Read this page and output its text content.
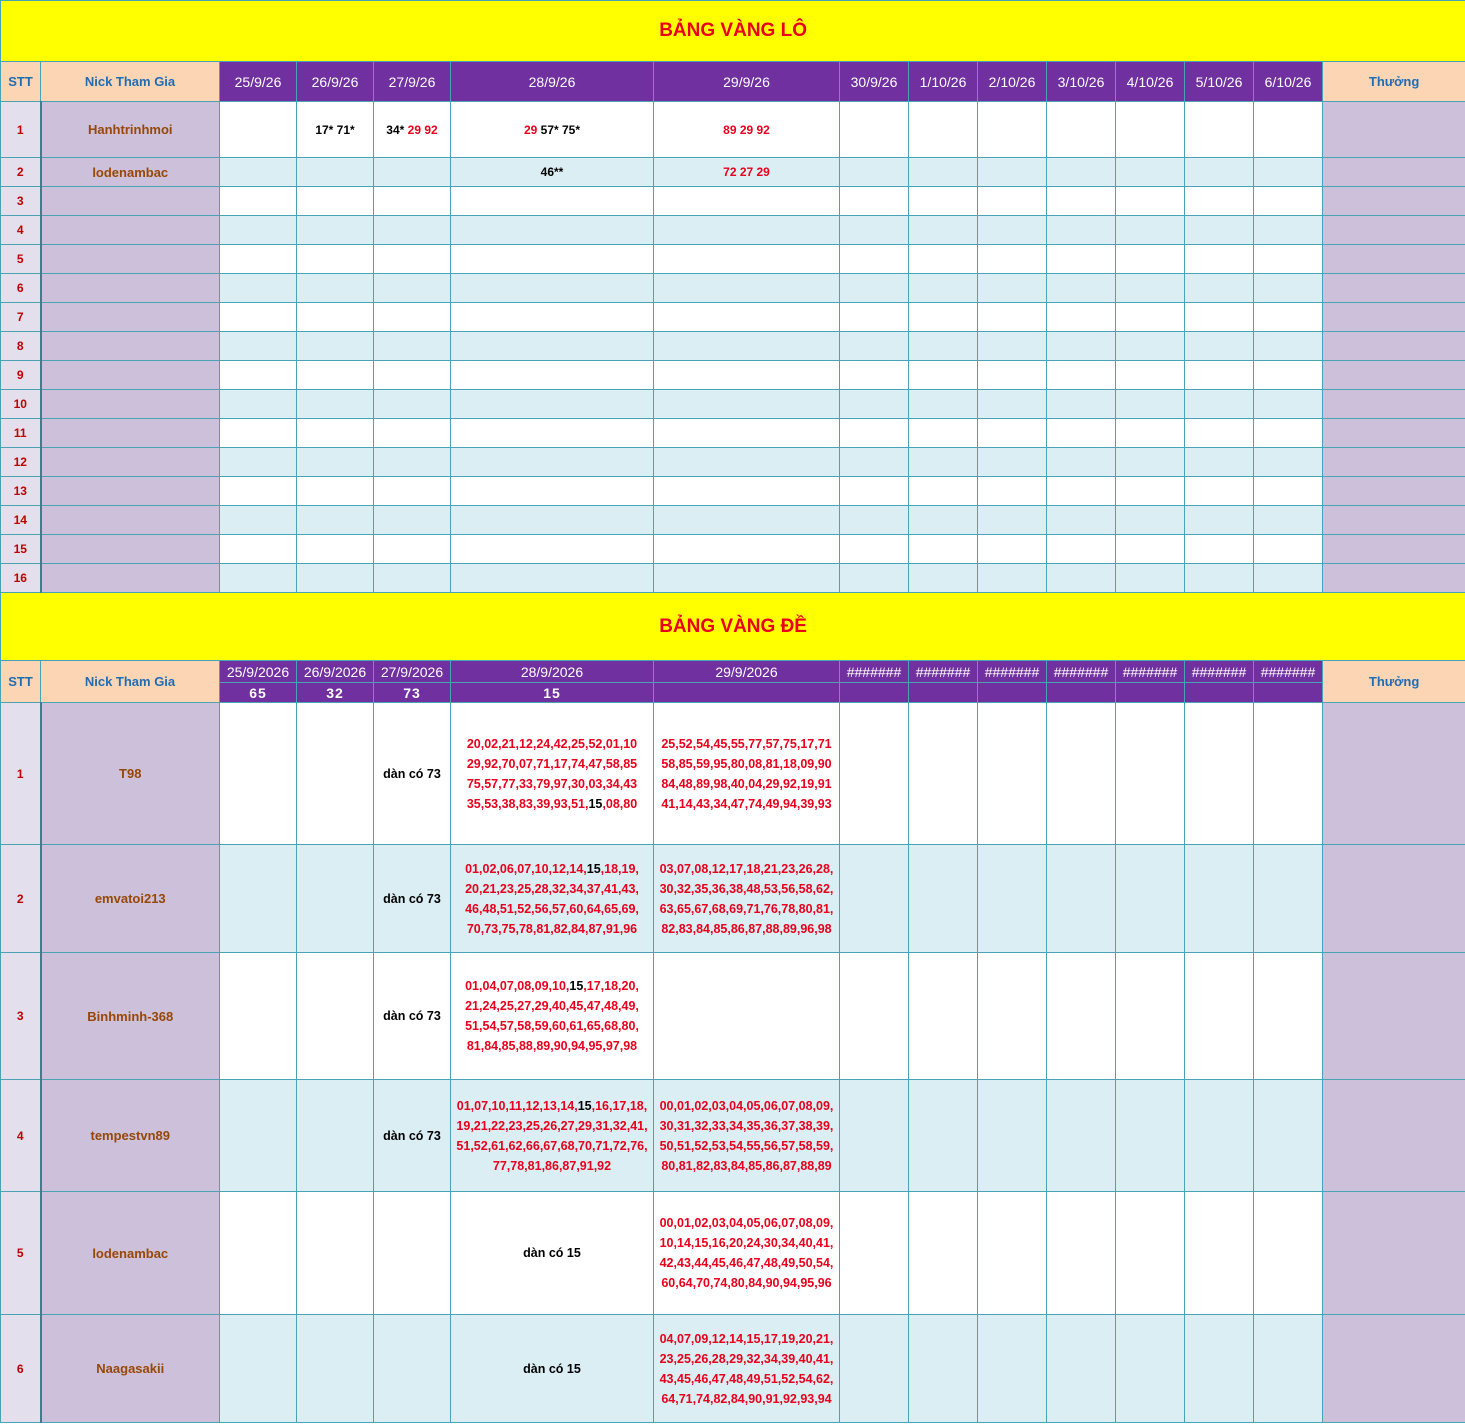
BẢNG VÀNG LÔ														
STT	Nick Tham Gia	25/9/26	26/9/26	27/9/26	28/9/26	29/9/26	30/9/26	1/10/26	2/10/26	3/10/26	4/10/26	5/10/26	6/10/26	Thưởng
1	Hanhtrinhmoi		17* 71*	34* 29 92	29 57* 75*	89 29 92								
2	lodenambac				46**	72 27 29								
3														
4														
5														
6														
7														
8														
9														
10														
11														
12														
13														
14														
15														
16														
BẢNG VÀNG ĐỀ														
STT	Nick Tham Gia	25/9/2026	26/9/2026	27/9/2026	28/9/2026	29/9/2026	#######	#######	#######	#######	#######	#######	#######	Thưởng
		65	32	73	15									
1	T98			dàn có 73	20,02,21,12,24,42,25,52,01,10
29,92,70,07,71,17,74,47,58,85
75,57,77,33,79,97,30,03,34,43
35,53,38,83,39,93,51,15,08,80	25,52,54,45,55,77,57,75,17,71
58,85,59,95,80,08,81,18,09,90
84,48,89,98,40,04,29,92,19,91
41,14,43,34,47,74,49,94,39,93								
2	emvatoi213			dàn có 73	01,02,06,07,10,12,14,15,18,19,
20,21,23,25,28,32,34,37,41,43,
46,48,51,52,56,57,60,64,65,69,
70,73,75,78,81,82,84,87,91,96	03,07,08,12,17,18,21,23,26,28,
30,32,35,36,38,48,53,56,58,62,
63,65,67,68,69,71,76,78,80,81,
82,83,84,85,86,87,88,89,96,98								
3	Binhminh-368			dàn có 73	01,04,07,08,09,10,15,17,18,20,
21,24,25,27,29,40,45,47,48,49,
51,54,57,58,59,60,61,65,68,80,
81,84,85,88,89,90,94,95,97,98									
4	tempestvn89			dàn có 73	01,07,10,11,12,13,14,15,16,17,18,
19,21,22,23,25,26,27,29,31,32,41,
51,52,61,62,66,67,68,70,71,72,76,
77,78,81,86,87,91,92	00,01,02,03,04,05,06,07,08,09,
30,31,32,33,34,35,36,37,38,39,
50,51,52,53,54,55,56,57,58,59,
80,81,82,83,84,85,86,87,88,89								
5	lodenambac				dàn có 15	00,01,02,03,04,05,06,07,08,09,
10,14,15,16,20,24,30,34,40,41,
42,43,44,45,46,47,48,49,50,54,
60,64,70,74,80,84,90,94,95,96								
6	Naagasakii				dàn có 15	04,07,09,12,14,15,17,19,20,21,
23,25,26,28,29,32,34,39,40,41,
43,45,46,47,48,49,51,52,54,62,
64,71,74,82,84,90,91,92,93,94								
